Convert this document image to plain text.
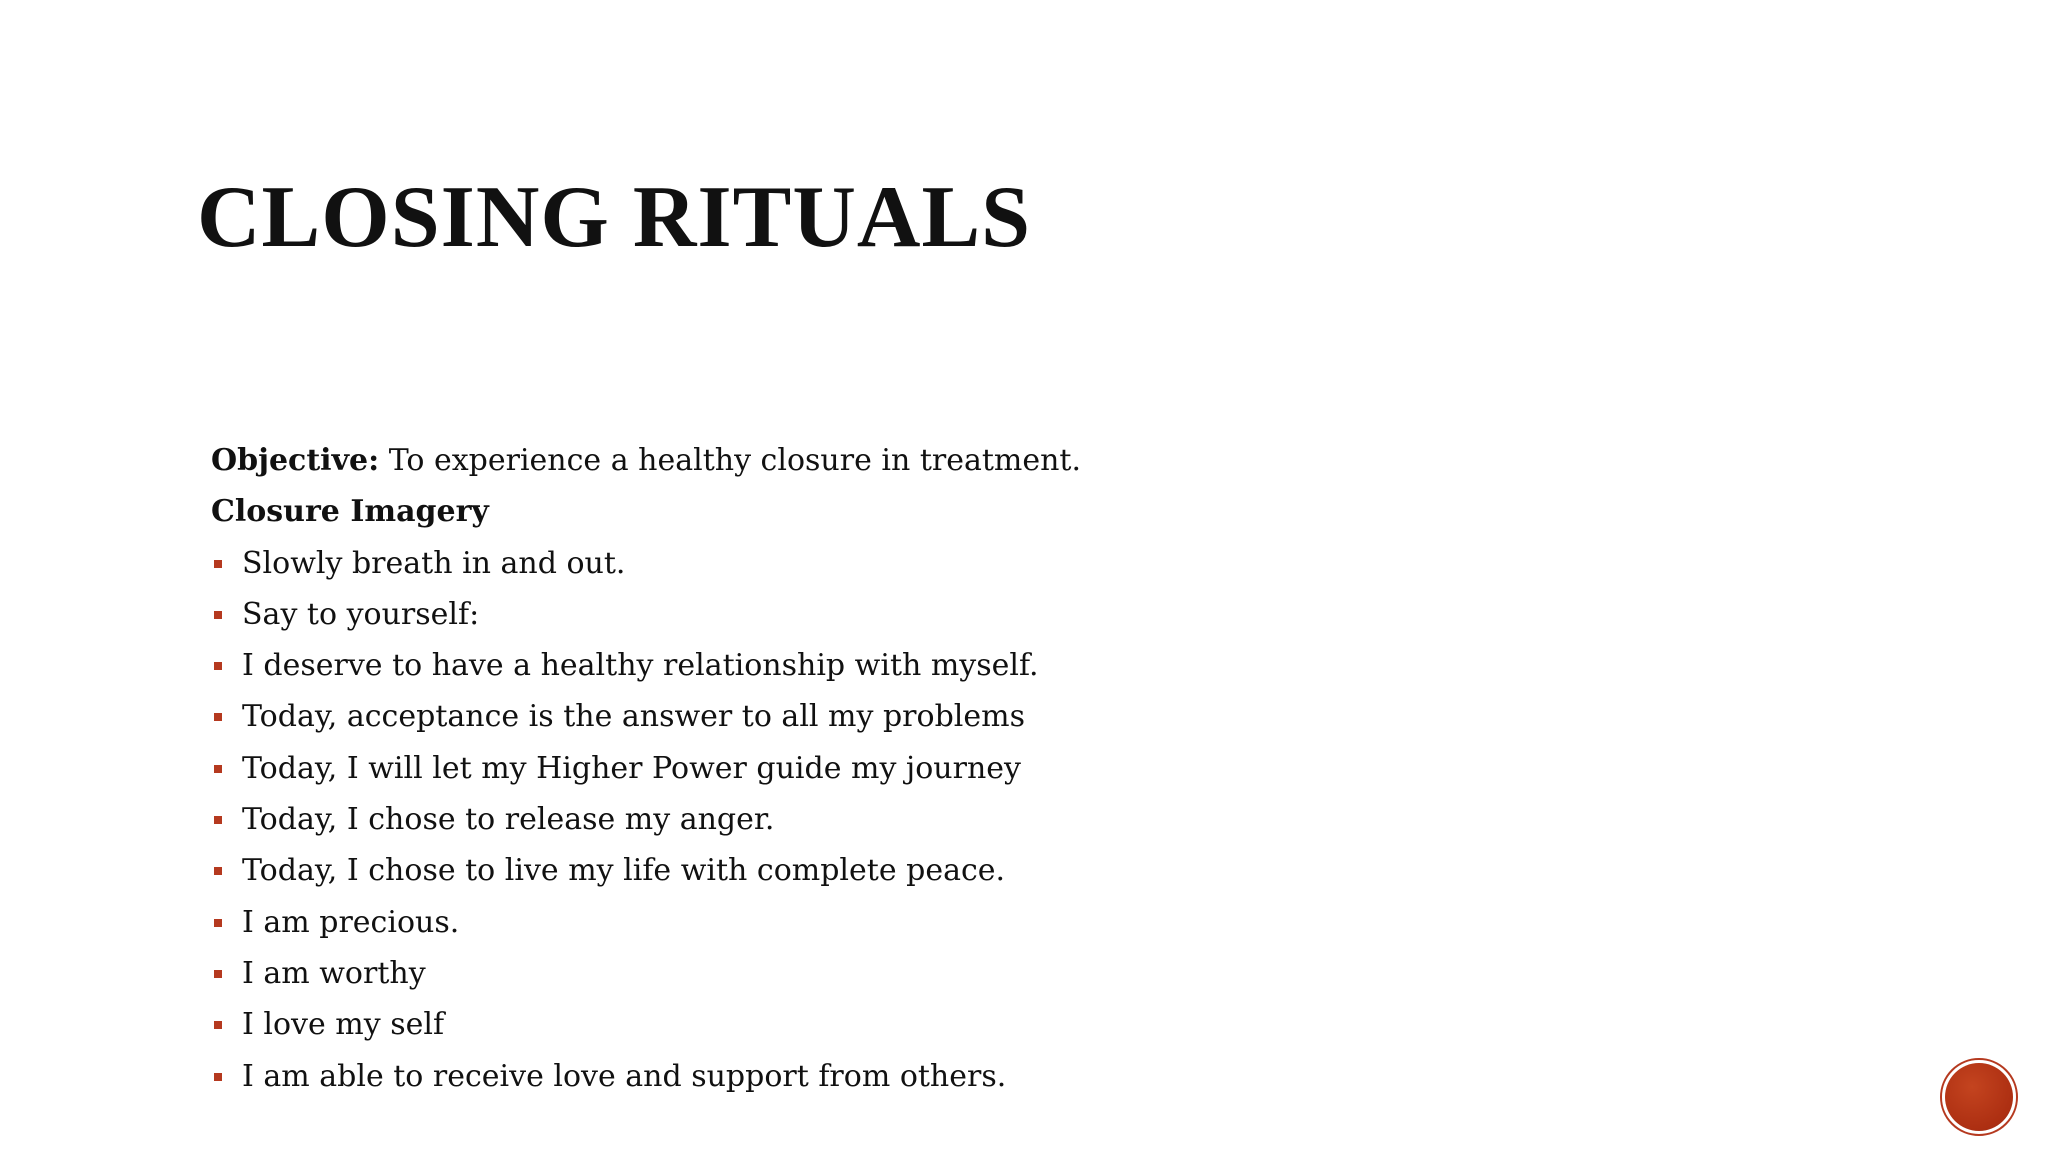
CLOSING RITUALS
Objective: To experience a healthy closure in treatment.
Closure Imagery
Slowly breath in and out.
Say to yourself:
I deserve to have a healthy relationship with myself.
Today, acceptance is the answer to all my problems
Today, I will let my Higher Power guide my journey
Today, I chose to release my anger.
Today, I chose to live my life with complete peace.
I am precious.
I am worthy
I love my self
I am able to receive love and support from others.
